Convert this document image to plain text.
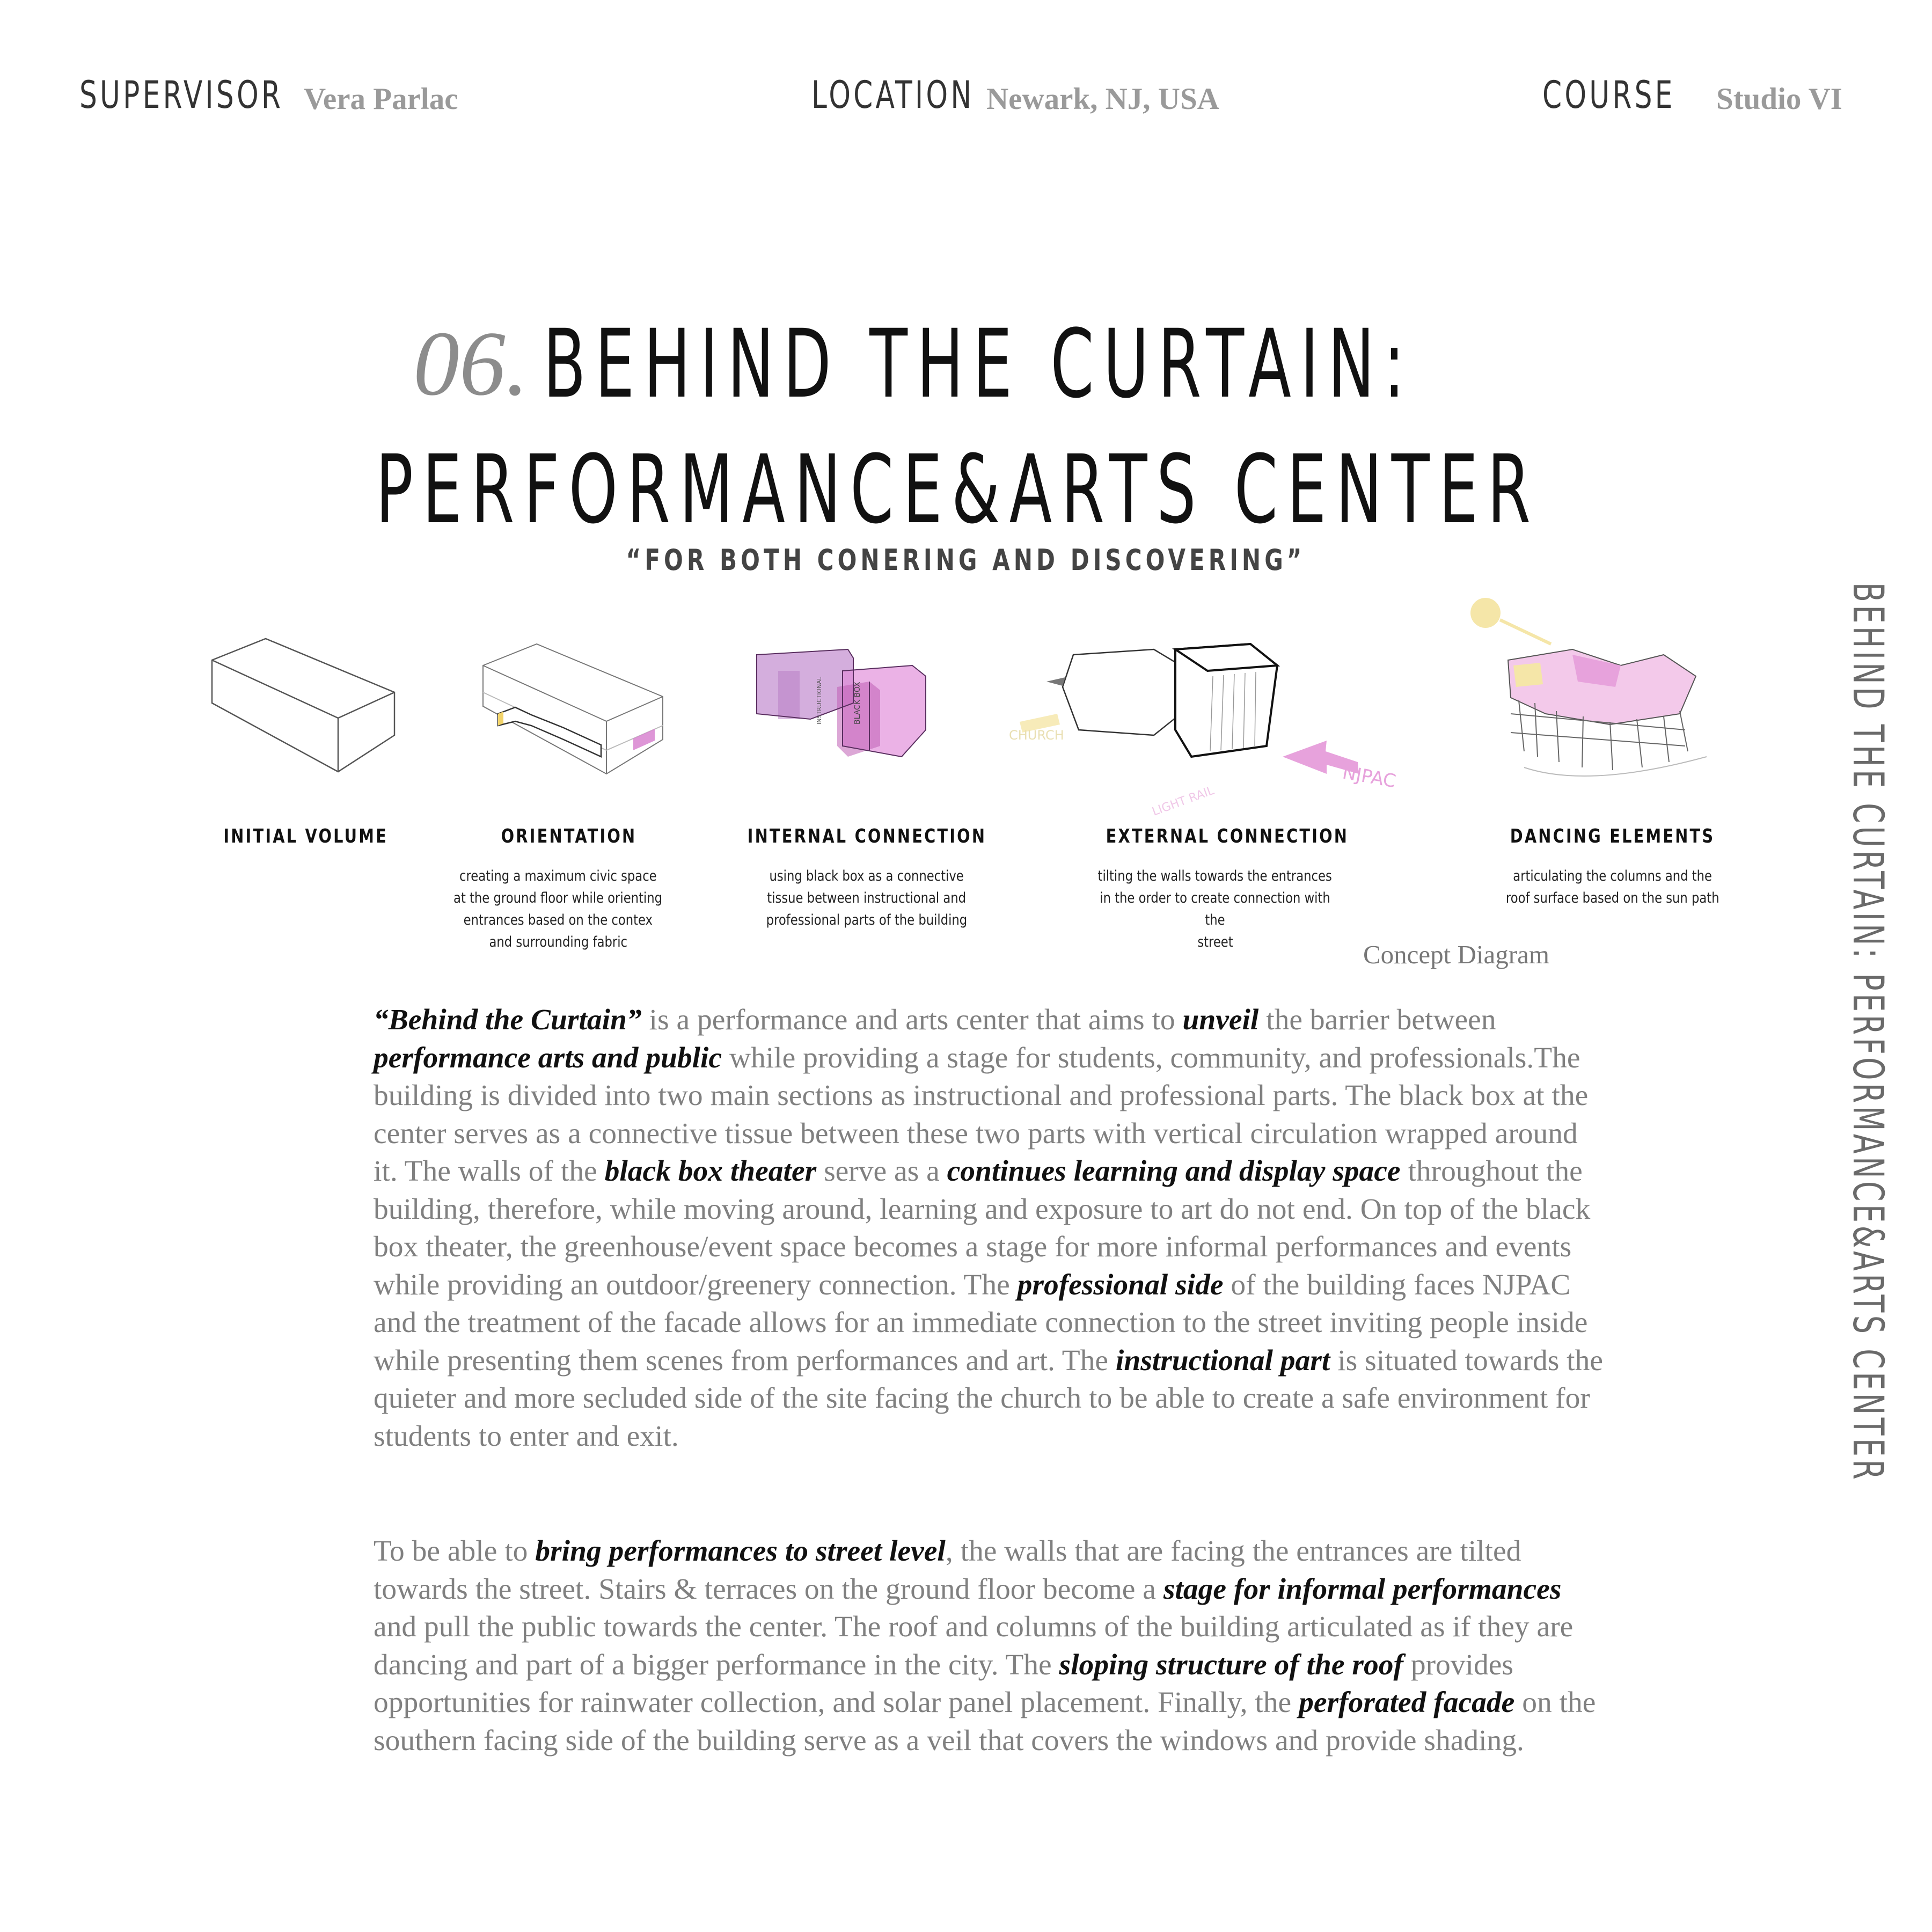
SUPERVISOR Vera Parlac	LOCATION Newark, NJ, USA	COURSE Studio VI
06. BEHIND THE CURTAIN:
PERFORMANCE&ARTS CENTER
“FOR BOTH CONERING AND DISCOVERING”
BEHIND THE CURTAIN: PERFORMANCE&ARTS CENTER
BLACK BOX
INSTRUCTIONAL
CHURCH
NJPAC
LIGHT RAIL
INITIAL VOLUME	ORIENTATION	INTERNAL CONNECTION	EXTERNAL CONNECTION	DANCING ELEMENTS
creating a maximum civic space
at the ground floor while orienting
entrances based on the contex
and surrounding fabric
using black box as a connective
tissue between instructional and
professional parts of the building
tilting the walls towards the entrances
in the order to create connection with the
street
articulating the columns and the
roof surface based on the sun path
Concept Diagram
“Behind the Curtain” is a performance and arts center that aims to unveil the barrier between performance arts and public while providing a stage for students, community, and professionals.The building is divided into two main sections as instructional and professional parts. The black box at the center serves as a connective tissue between these two parts with vertical circulation wrapped around it. The walls of the black box theater serve as a continues learning and display space throughout the building, therefore, while moving around, learning and exposure to art do not end. On top of the black box theater, the greenhouse/event space becomes a stage for more informal performances and events while providing an outdoor/greenery connection. The professional side of the building faces NJPAC and the treatment of the facade allows for an immediate connection to the street inviting people inside while presenting them scenes from performances and art. The instructional part is situated towards the quieter and more secluded side of the site facing the church to be able to create a safe environment for students to enter and exit.
To be able to bring performances to street level, the walls that are facing the entrances are tilted towards the street. Stairs & terraces on the ground floor become a stage for informal performances and pull the public towards the center. The roof and columns of the building articulated as if they are dancing and part of a bigger performance in the city. The sloping structure of the roof provides opportunities for rainwater collection, and solar panel placement. Finally, the perforated facade on the southern facing side of the building serve as a veil that covers the windows and provide shading.
